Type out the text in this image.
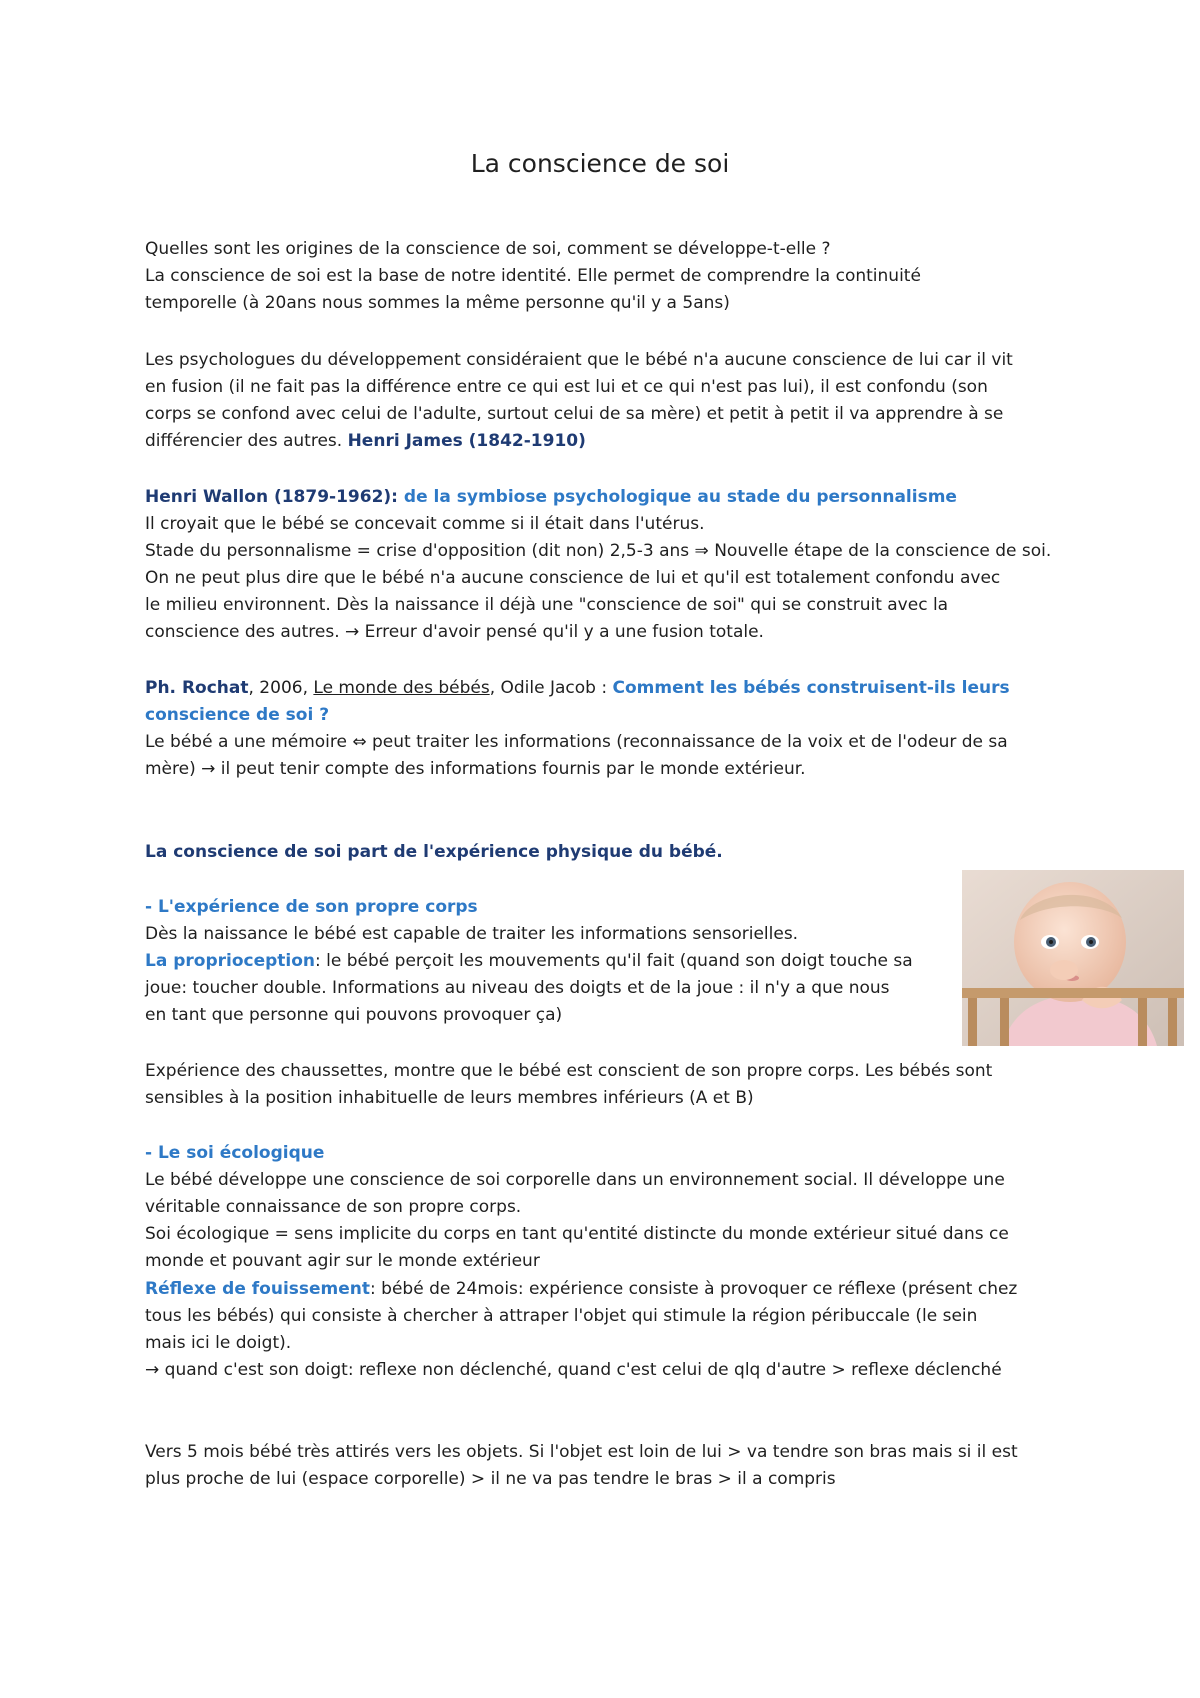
La conscience de soi
Quelles sont les origines de la conscience de soi, comment se développe-t-elle ?
La conscience de soi est la base de notre identité. Elle permet de comprendre la continuité
temporelle (à 20ans nous sommes la même personne qu'il y a 5ans)
Les psychologues du développement considéraient que le bébé n'a aucune conscience de lui car il vit
en fusion (il ne fait pas la différence entre ce qui est lui et ce qui n'est pas lui), il est confondu (son
corps se confond avec celui de l'adulte, surtout celui de sa mère) et petit à petit il va apprendre à se
différencier des autres. Henri James (1842-1910)
Henri Wallon (1879-1962): de la symbiose psychologique au stade du personnalisme
Il croyait que le bébé se concevait comme si il était dans l'utérus.
Stade du personnalisme = crise d'opposition (dit non) 2,5-3 ans ⇒ Nouvelle étape de la conscience de soi.
On ne peut plus dire que le bébé n'a aucune conscience de lui et qu'il est totalement confondu avec
le milieu environnent. Dès la naissance il déjà une "conscience de soi" qui se construit avec la
conscience des autres. → Erreur d'avoir pensé qu'il y a une fusion totale.
Ph. Rochat, 2006, Le monde des bébés, Odile Jacob : Comment les bébés construisent-ils leurs
conscience de soi ?
Le bébé a une mémoire ⇔ peut traiter les informations (reconnaissance de la voix et de l'odeur de sa
mère) → il peut tenir compte des informations fournis par le monde extérieur.
La conscience de soi part de l'expérience physique du bébé.
- L'expérience de son propre corps
Dès la naissance le bébé est capable de traiter les informations sensorielles.
La proprioception: le bébé perçoit les mouvements qu'il fait (quand son doigt touche sa
joue: toucher double. Informations au niveau des doigts et de la joue : il n'y a que nous
en tant que personne qui pouvons provoquer ça)
Expérience des chaussettes, montre que le bébé est conscient de son propre corps. Les bébés sont
sensibles à la position inhabituelle de leurs membres inférieurs (A et B)
- Le soi écologique
Le bébé développe une conscience de soi corporelle dans un environnement social. Il développe une
véritable connaissance de son propre corps.
Soi écologique = sens implicite du corps en tant qu'entité distincte du monde extérieur situé dans ce
monde et pouvant agir sur le monde extérieur
Réflexe de fouissement: bébé de 24mois: expérience consiste à provoquer ce réflexe (présent chez
tous les bébés) qui consiste à chercher à attraper l'objet qui stimule la région péribuccale (le sein
mais ici le doigt).
→ quand c'est son doigt: reflexe non déclenché, quand c'est celui de qlq d'autre > reflexe déclenché
Vers 5 mois bébé très attirés vers les objets. Si l'objet est loin de lui > va tendre son bras mais si il est
plus proche de lui (espace corporelle) > il ne va pas tendre le bras > il a compris
